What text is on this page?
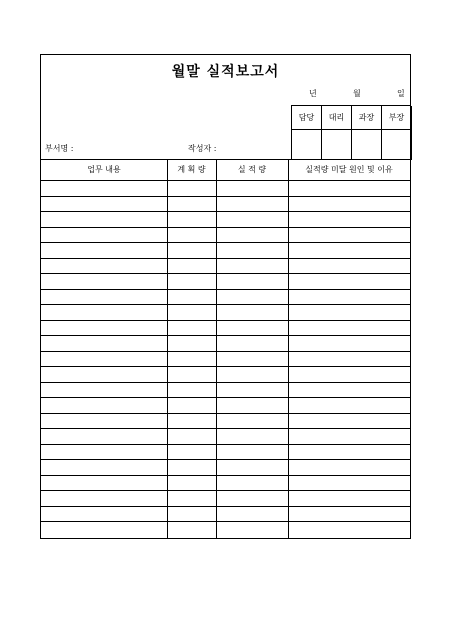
월말 실적보고서
년	월	일
담당	대리	과장	부장
부서명 :	작성자 :
업무 내용	계 획 량	실 적 량	실적량 미달 원인 및 이유
